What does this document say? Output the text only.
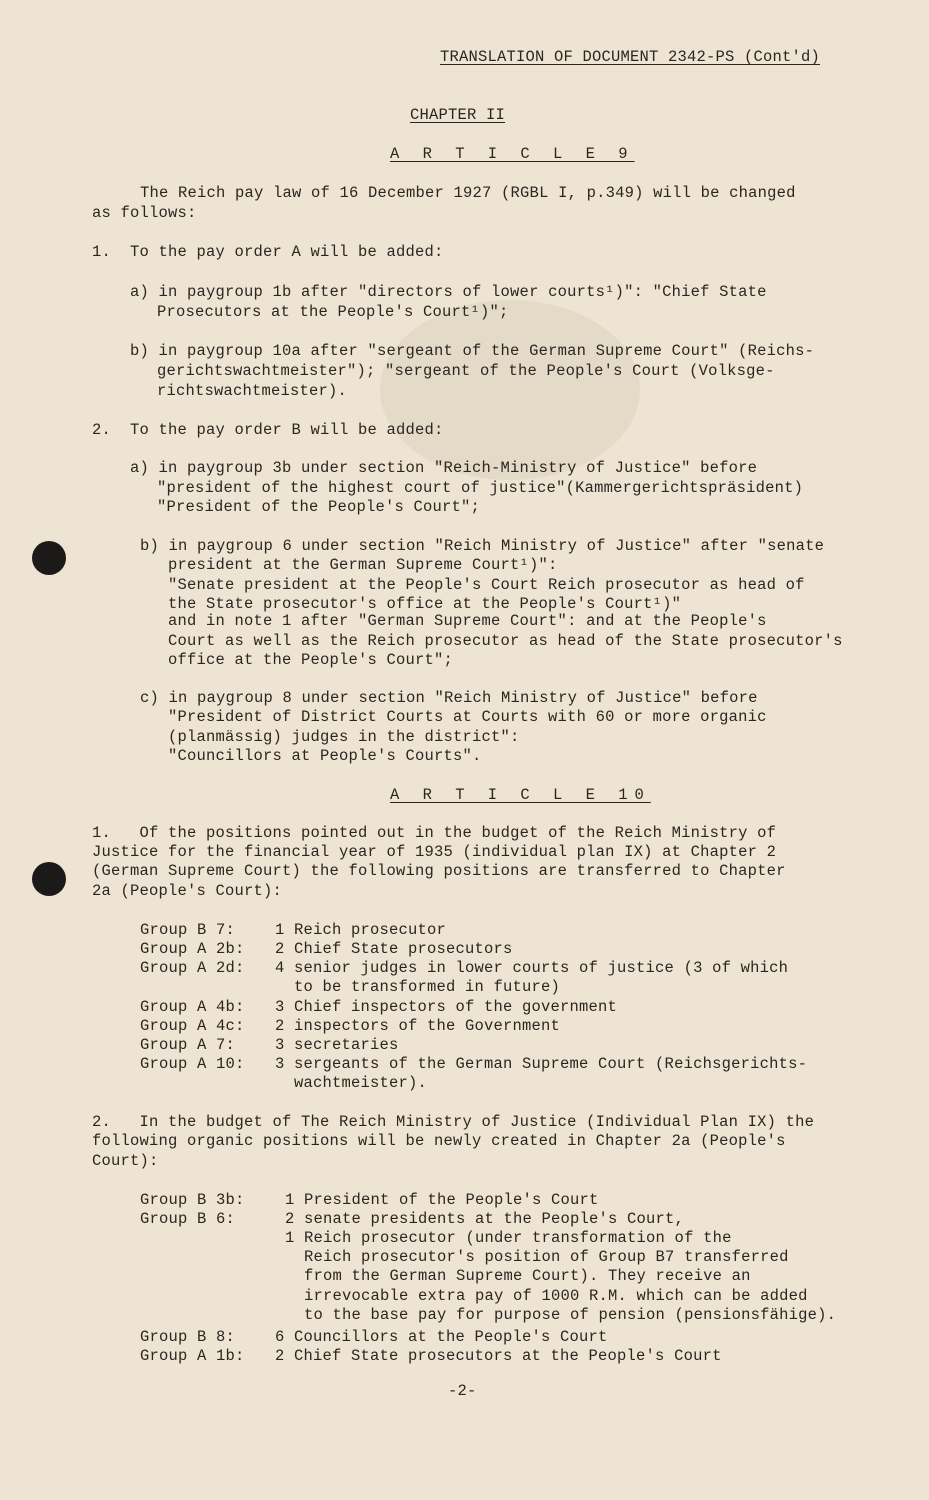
TRANSLATION OF DOCUMENT 2342-PS (Cont'd)
CHAPTER II
A R T I C L E 9
The Reich pay law of 16 December 1927 (RGBL I, p.349) will be changed
as follows:
1. To the pay order A will be added:
a) in paygroup 1b after "directors of lower courts¹)": "Chief State
Prosecutors at the People's Court¹)";
b) in paygroup 10a after "sergeant of the German Supreme Court" (Reichs-
gerichtswachtmeister"); "sergeant of the People's Court (Volksge-
richtswachtmeister).
2. To the pay order B will be added:
a) in paygroup 3b under section "Reich-Ministry of Justice" before
"president of the highest court of justice"(Kammergerichtspräsident)
"President of the People's Court";
b) in paygroup 6 under section "Reich Ministry of Justice" after "senate
president at the German Supreme Court¹)":
"Senate president at the People's Court Reich prosecutor as head of
the State prosecutor's office at the People's Court¹)"
and in note 1 after "German Supreme Court": and at the People's
Court as well as the Reich prosecutor as head of the State prosecutor's
office at the People's Court";
c) in paygroup 8 under section "Reich Ministry of Justice" before
"President of District Courts at Courts with 60 or more organic
(planmässig) judges in the district":
"Councillors at People's Courts".
A R T I C L E 10
1.   Of the positions pointed out in the budget of the Reich Ministry of
Justice for the financial year of 1935 (individual plan IX) at Chapter 2
(German Supreme Court) the following positions are transferred to Chapter
2a (People's Court):
Group B 7:	1 Reich prosecutor
Group A 2b: 2 Chief State prosecutors
Group A 2d: 4 senior judges in lower courts of justice (3 of which
to be transformed in future)
Group A 4b: 3 Chief inspectors of the government
Group A 4c: 2 inspectors of the Government
Group A 7:	3 secretaries
Group A 10: 3 sergeants of the German Supreme Court (Reichsgerichts-
wachtmeister).
2.   In the budget of The Reich Ministry of Justice (Individual Plan IX) the
following organic positions will be newly created in Chapter 2a (People's
Court):
Group B 3b:	1 President of the People's Court
Group B 6:	2 senate presidents at the People's Court,
1 Reich prosecutor (under transformation of the
Reich prosecutor's position of Group B7 transferred
from the German Supreme Court). They receive an
irrevocable extra pay of 1000 R.M. which can be added
to the base pay for purpose of pension (pensionsfähige).
Group B 8:	6 Councillors at the People's Court
Group A 1b: 2 Chief State prosecutors at the People's Court
-2-
